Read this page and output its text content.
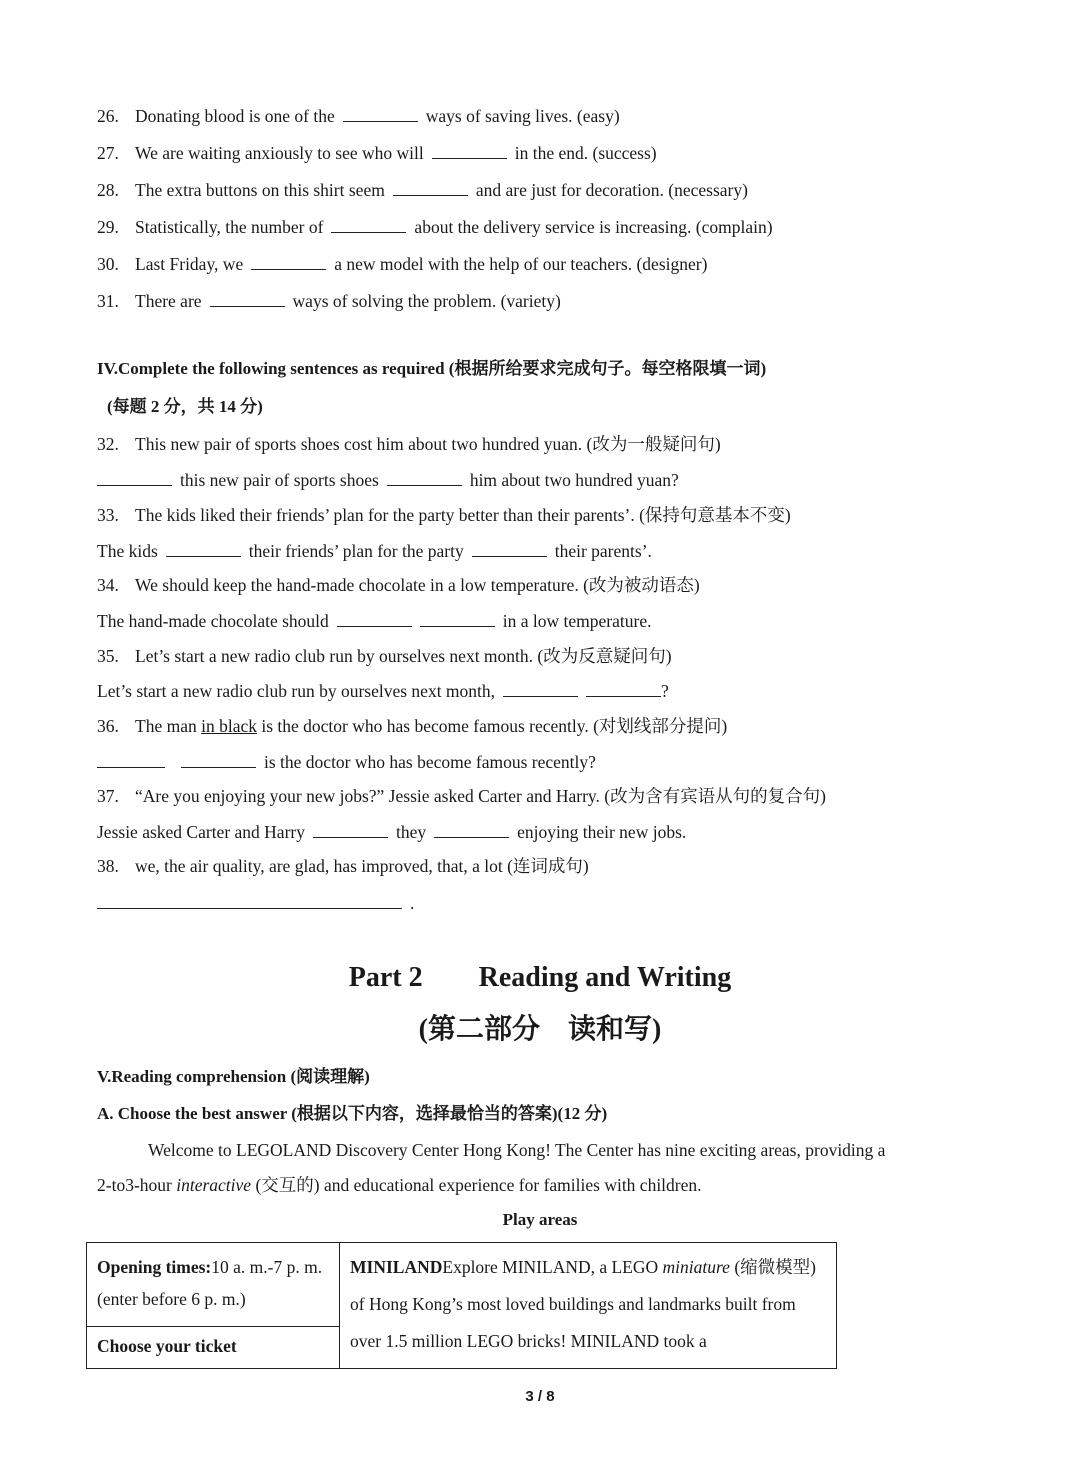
26. Donating blood is one of the	ways of saving lives. (easy)
27. We are waiting anxiously to see who will	in the end. (success)
28. The extra buttons on this shirt seem	and are just for decoration. (necessary)
29. Statistically, the number of	about the delivery service is increasing. (complain)
30. Last Friday, we	a new model with the help of our teachers. (designer)
31. There are	ways of solving the problem. (variety)
IV.Complete the following sentences as required (根据所给要求完成句子。每空格限填一词)
(每题 2 分，共 14 分)
32. This new pair of sports shoes cost him about two hundred yuan. (改为一般疑问句)
this new pair of sports shoes	him about two hundred yuan?
33. The kids liked their friends’ plan for the party better than their parents’. (保持句意基本不变)
The kids	their friends’ plan for the party	their parents’.
34. We should keep the hand-made chocolate in a low temperature. (改为被动语态)
The hand-made chocolate should	in a low temperature.
35. Let’s start a new radio club run by ourselves next month. (改为反意疑问句)
Let’s start a new radio club run by ourselves next month,	?
36. The man in black is the doctor who has become famous recently. (对划线部分提问)
is the doctor who has become famous recently?
37. “Are you enjoying your new jobs?” Jessie asked Carter and Harry. (改为含有宾语从句的复合句)
Jessie asked Carter and Harry	they	enjoying their new jobs.
38. we, the air quality, are glad, has improved, that, a lot (连词成句)
.
Part 2　　Reading and Writing
(第二部分　读和写)
V.Reading comprehension (阅读理解)
A. Choose the best answer (根据以下内容，选择最恰当的答案)(12 分)
Welcome to LEGOLAND Discovery Center Hong Kong! The Center has nine exciting areas, providing a
2-to3-hour interactive (交互的) and educational experience for families with children.
Play areas
Opening times:10 a. m.-7 p. m.(enter before 6 p. m.)	MINILANDExplore MINILAND, a LEGO miniature (缩微模型) of Hong Kong’s most loved buildings and landmarks built from over 1.5 million LEGO bricks! MINILAND took a
Choose your ticket
3 / 8
